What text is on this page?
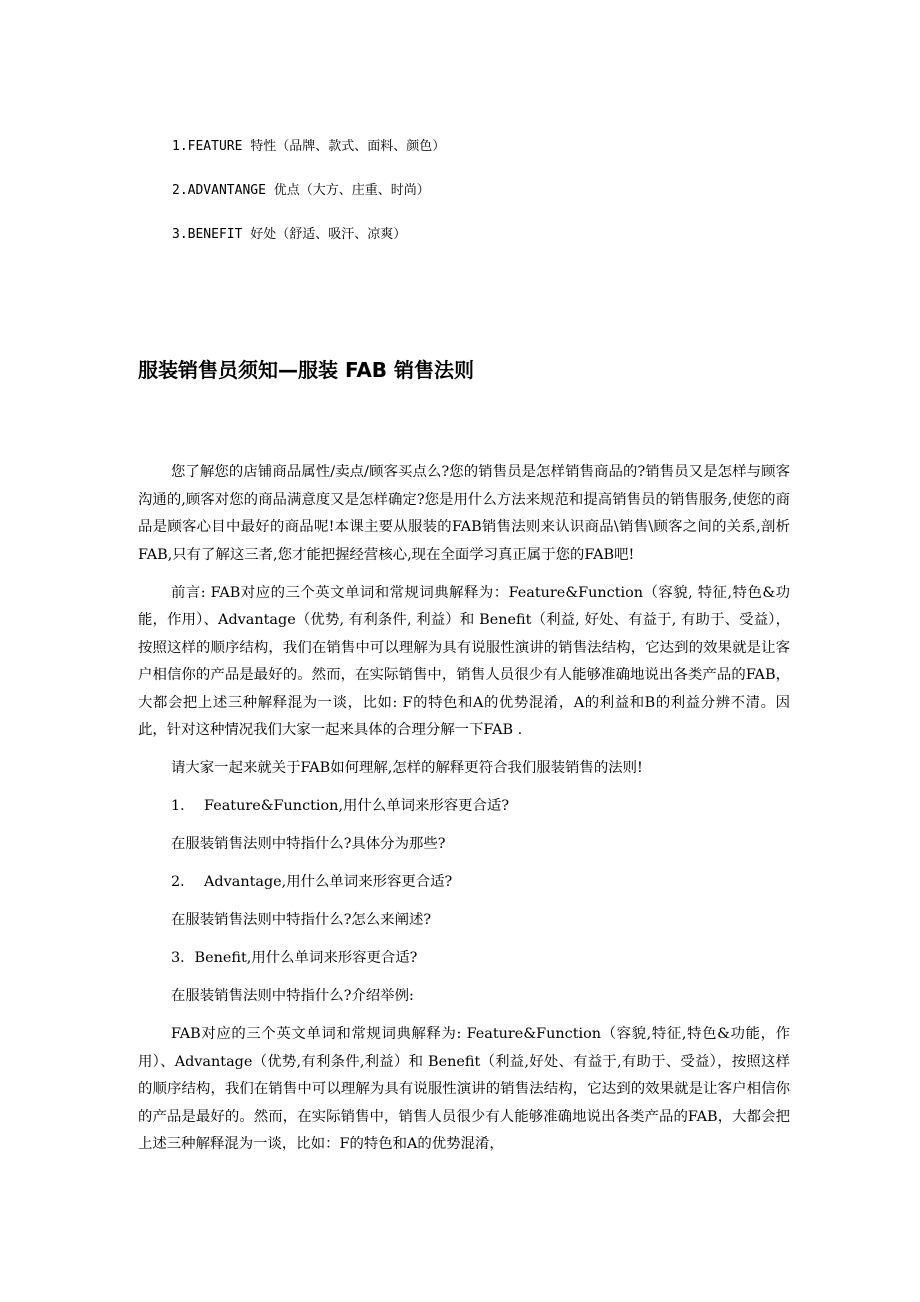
1.FEATURE 特性（品牌、款式、面料、颜色）
2.ADVANTANGE 优点（大方、庄重、时尚）
3.BENEFIT 好处（舒适、吸汗、凉爽）
服装销售员须知—服装 FAB 销售法则

您了解您的店铺商品属性/卖点/顾客买点么?您的销售员是怎样销售商品的?销售员又是怎样与顾客沟通的,顾客对您的商品满意度又是怎样确定?您是用什么方法来规范和提高销售员的销售服务,使您的商品是顾客心目中最好的商品呢!本课主要从服装的FAB销售法则来认识商品\销售\顾客之间的关系,剖析FAB,只有了解这三者,您才能把握经营核心,现在全面学习真正属于您的FAB吧!

前言: FAB对应的三个英文单词和常规词典解释为：Feature&Function（容貌, 特征,特色&功能，作用）、Advantage（优势, 有利条件, 利益）和 Benefit（利益, 好处、有益于, 有助于、受益），按照这样的顺序结构，我们在销售中可以理解为具有说服性演讲的销售法结构，它达到的效果就是让客户相信你的产品是最好的。然而，在实际销售中，销售人员很少有人能够准确地说出各类产品的FAB，大都会把上述三种解释混为一谈，比如: F的特色和A的优势混淆，A的利益和B的利益分辨不清。因此，针对这种情况我们大家一起来具体的合理分解一下FAB .

请大家一起来就关于FAB如何理解,怎样的解释更符合我们服装销售的法则!

1． Feature&Function,用什么单词来形容更合适?

在服装销售法则中特指什么?具体分为那些?

2． Advantage,用什么单词来形容更合适?

在服装销售法则中特指什么?怎么来阐述?

3．Benefit,用什么单词来形容更合适?

在服装销售法则中特指什么?介绍举例:

FAB对应的三个英文单词和常规词典解释为: Feature&Function（容貌,特征,特色&功能，作用）、Advantage（优势,有利条件,利益）和 Benefit（利益,好处、有益于,有助于、受益），按照这样的顺序结构，我们在销售中可以理解为具有说服性演讲的销售法结构，它达到的效果就是让客户相信你的产品是最好的。然而，在实际销售中，销售人员很少有人能够准确地说出各类产品的FAB，大都会把上述三种解释混为一谈，比如：F的特色和A的优势混淆，
